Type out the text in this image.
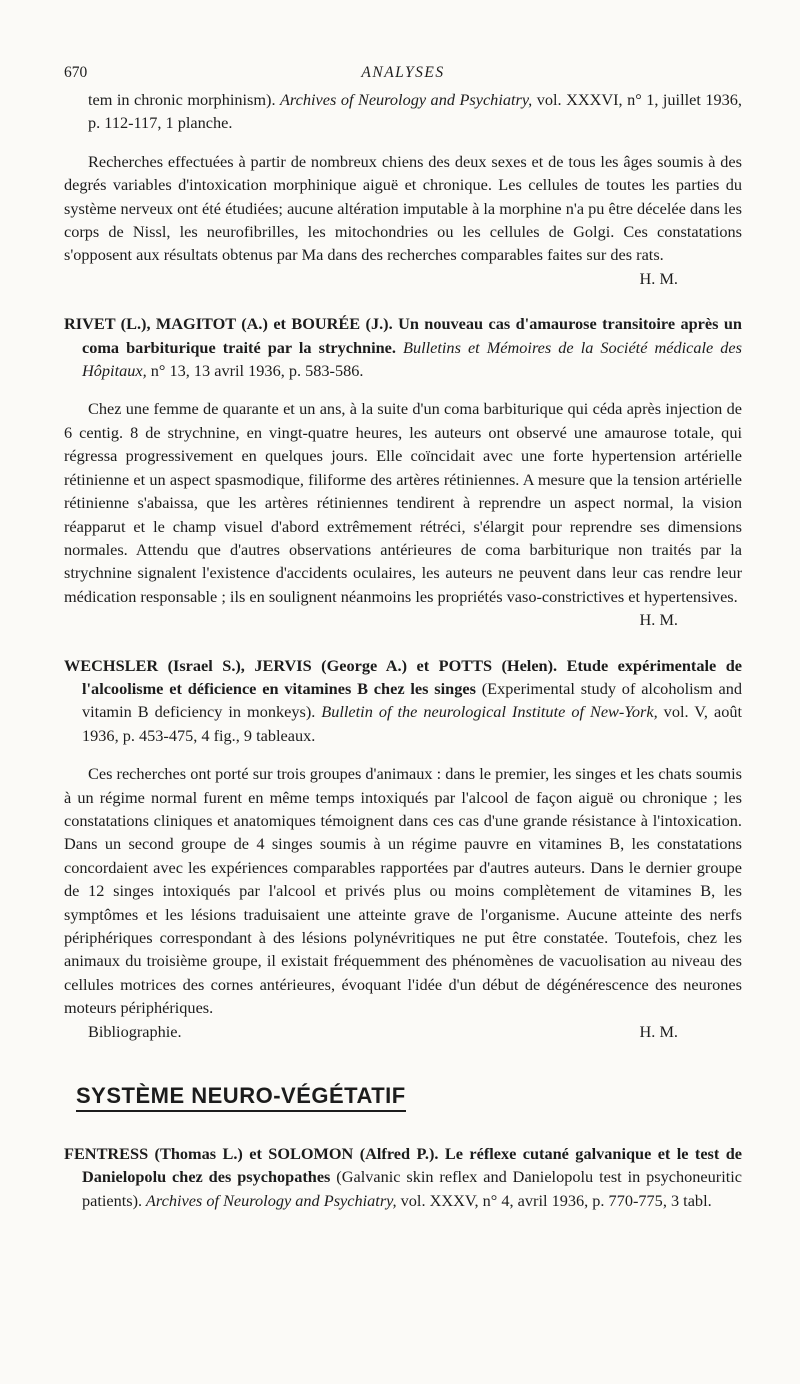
670	ANALYSES

tem in chronic morphinism). Archives of Neurology and Psychiatry, vol. XXXVI, n° 1, juillet 1936, p. 112-117, 1 planche.

Recherches effectuées à partir de nombreux chiens des deux sexes et de tous les âges soumis à des degrés variables d'intoxication morphinique aiguë et chronique. Les cellules de toutes les parties du système nerveux ont été étudiées; aucune altération imputable à la morphine n'a pu être décelée dans les corps de Nissl, les neurofibrilles, les mitochondries ou les cellules de Golgi. Ces constatations s'opposent aux résultats obtenus par Ma dans des recherches comparables faites sur des rats.
H. M.

RIVET (L.), MAGITOT (A.) et BOURÉE (J.). Un nouveau cas d'amaurose transitoire après un coma barbiturique traité par la strychnine. Bulletins et Mémoires de la Société médicale des Hôpitaux, n° 13, 13 avril 1936, p. 583-586.

Chez une femme de quarante et un ans, à la suite d'un coma barbiturique qui céda après injection de 6 centig. 8 de strychnine, en vingt-quatre heures, les auteurs ont observé une amaurose totale, qui régressa progressivement en quelques jours. Elle coïncidait avec une forte hypertension artérielle rétinienne et un aspect spasmodique, filiforme des artères rétiniennes. A mesure que la tension artérielle rétinienne s'abaissa, que les artères rétiniennes tendirent à reprendre un aspect normal, la vision réapparut et le champ visuel d'abord extrêmement rétréci, s'élargit pour reprendre ses dimensions normales. Attendu que d'autres observations antérieures de coma barbiturique non traités par la strychnine signalent l'existence d'accidents oculaires, les auteurs ne peuvent dans leur cas rendre leur médication responsable ; ils en soulignent néanmoins les propriétés vaso-constrictives et hypertensives.
H. M.

WECHSLER (Israel S.), JERVIS (George A.) et POTTS (Helen). Etude expérimentale de l'alcoolisme et déficience en vitamines B chez les singes (Experimental study of alcoholism and vitamin B deficiency in monkeys). Bulletin of the neurological Institute of New-York, vol. V, août 1936, p. 453-475, 4 fig., 9 tableaux.

Ces recherches ont porté sur trois groupes d'animaux : dans le premier, les singes et les chats soumis à un régime normal furent en même temps intoxiqués par l'alcool de façon aiguë ou chronique ; les constatations cliniques et anatomiques témoignent dans ces cas d'une grande résistance à l'intoxication. Dans un second groupe de 4 singes soumis à un régime pauvre en vitamines B, les constatations concordaient avec les expériences comparables rapportées par d'autres auteurs. Dans le dernier groupe de 12 singes intoxiqués par l'alcool et privés plus ou moins complètement de vitamines B, les symptômes et les lésions traduisaient une atteinte grave de l'organisme. Aucune atteinte des nerfs périphériques correspondant à des lésions polynévritiques ne put être constatée. Toutefois, chez les animaux du troisième groupe, il existait fréquemment des phénomènes de vacuolisation au niveau des cellules motrices des cornes antérieures, évoquant l'idée d'un début de dégénérescence des neurones moteurs périphériques.

Bibliographie.	H. M.

SYSTÈME NEURO-VÉGÉTATIF

FENTRESS (Thomas L.) et SOLOMON (Alfred P.). Le réflexe cutané galvanique et le test de Danielopolu chez des psychopathes (Galvanic skin reflex and Danielopolu test in psychoneuritic patients). Archives of Neurology and Psychiatry, vol. XXXV, n° 4, avril 1936, p. 770-775, 3 tabl.
